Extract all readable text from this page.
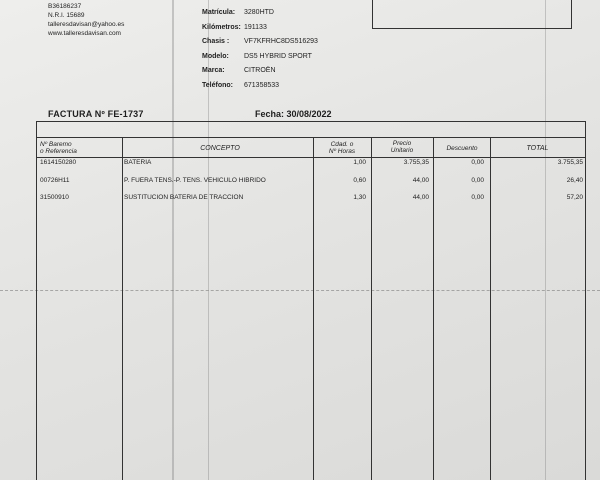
B36186237
N.R.I. 15689
talleresdavisan@yahoo.es
www.talleresdavisan.com
Matrícula:	3280HTD
Kilómetros: 191133
Chasis :	VF7KFRHC8DS516293
Modelo:	DS5 HYBRID SPORT
Marca:	CITROËN
Teléfono:	671358533
FACTURA Nº FE-1737	Fecha: 30/08/2022
Nº Baremo
o Referencia	CONCEPTO
Cdad. o
Nº Horas
Precio
Unitario	Descuento	TOTAL
1614150280	BATERIA	1,00	3.755,35	0,00	3.755,35
00726H11	P. FUERA TENS.-P. TENS. VEHICULO HIBRIDO	0,60	44,00	0,00	26,40
31500910	SUSTITUCION BATERIA DE TRACCION	1,30	44,00	0,00	57,20
